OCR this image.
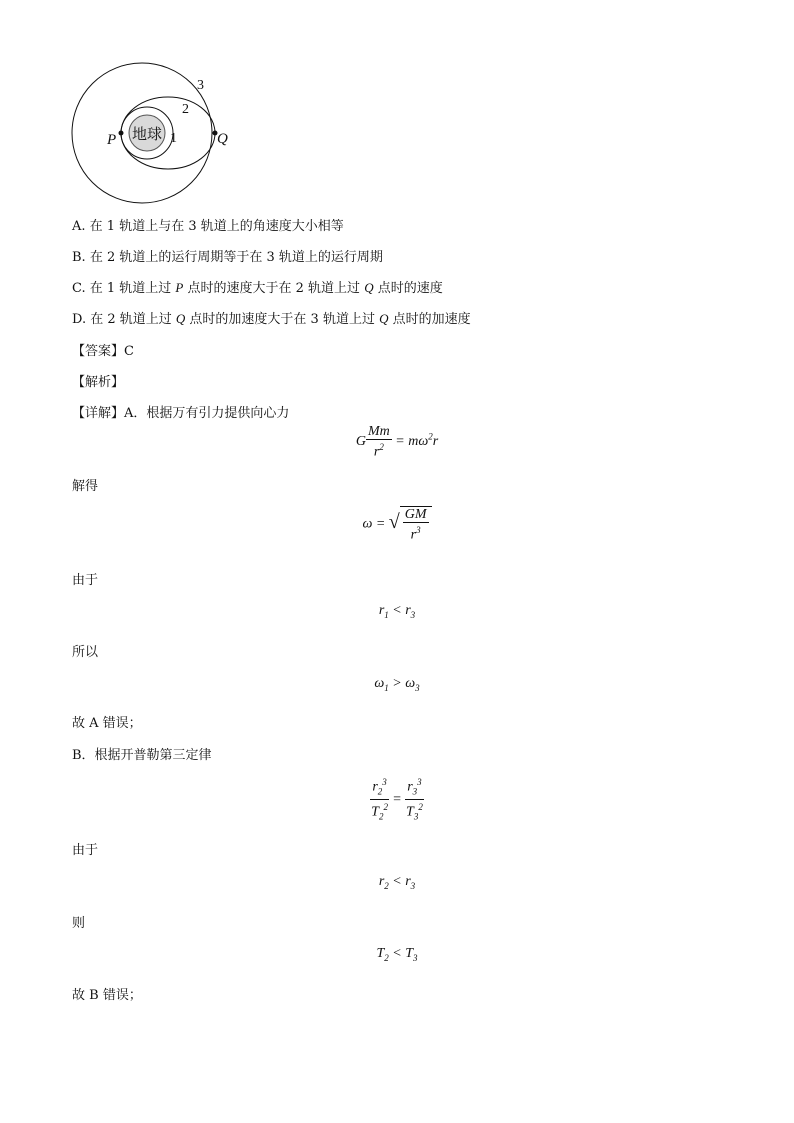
地球
P	Q
1
2
3
A. 在 1 轨道上与在 3 轨道上的角速度大小相等
B. 在 2 轨道上的运行周期等于在 3 轨道上的运行周期
C. 在 1 轨道上过 P 点时的速度大于在 2 轨道上过 Q 点时的速度
D. 在 2 轨道上过 Q 点时的加速度大于在 3 轨道上过 Q 点时的加速度
【答案】C
【解析】
【详解】A．根据万有引力提供向心力
G $\frac{Mm}{r^2} = m\omega^2r$
解得
ω = √ $\frac{GM}{r^3}$
由于
$r_1 < r_3$
所以
$\omega_1 > \omega_3$
故 A 错误；
B．根据开普勒第三定律
$\frac{r_2^3}{T_2^2} = \frac{r_3^3}{T_3^2}$
由于
$r_2 < r_3$
则
$T_2 < T_3$
故 B 错误；
